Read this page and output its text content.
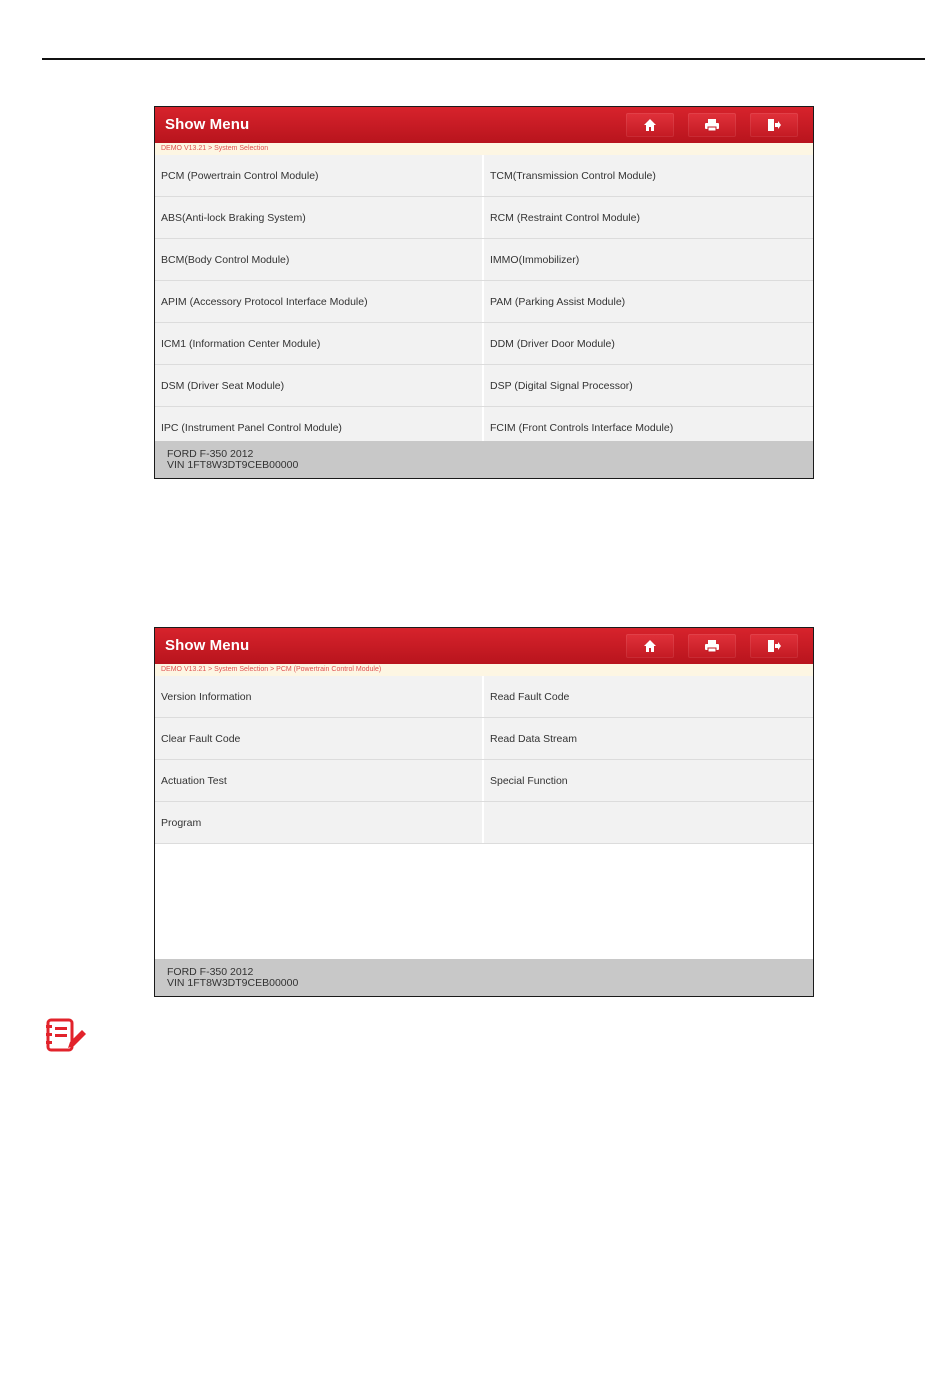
Show Menu
DEMO V13.21 > System Selection
PCM (Powertrain Control Module)	TCM(Transmission Control Module)
ABS(Anti-lock Braking System)	RCM (Restraint Control Module)
BCM(Body Control Module)	IMMO(Immobilizer)
APIM (Accessory Protocol Interface Module)	PAM (Parking Assist Module)
ICM1 (Information Center Module)	DDM (Driver Door Module)
DSM (Driver Seat Module)	DSP (Digital Signal Processor)
IPC (Instrument Panel Control Module)	FCIM (Front Controls Interface Module)
FORD F-350 2012
VIN 1FT8W3DT9CEB00000
Show Menu
DEMO V13.21 > System Selection > PCM (Powertrain Control Module)
Version Information	Read Fault Code
Clear Fault Code	Read Data Stream
Actuation Test	Special Function
Program
FORD F-350 2012
VIN 1FT8W3DT9CEB00000
